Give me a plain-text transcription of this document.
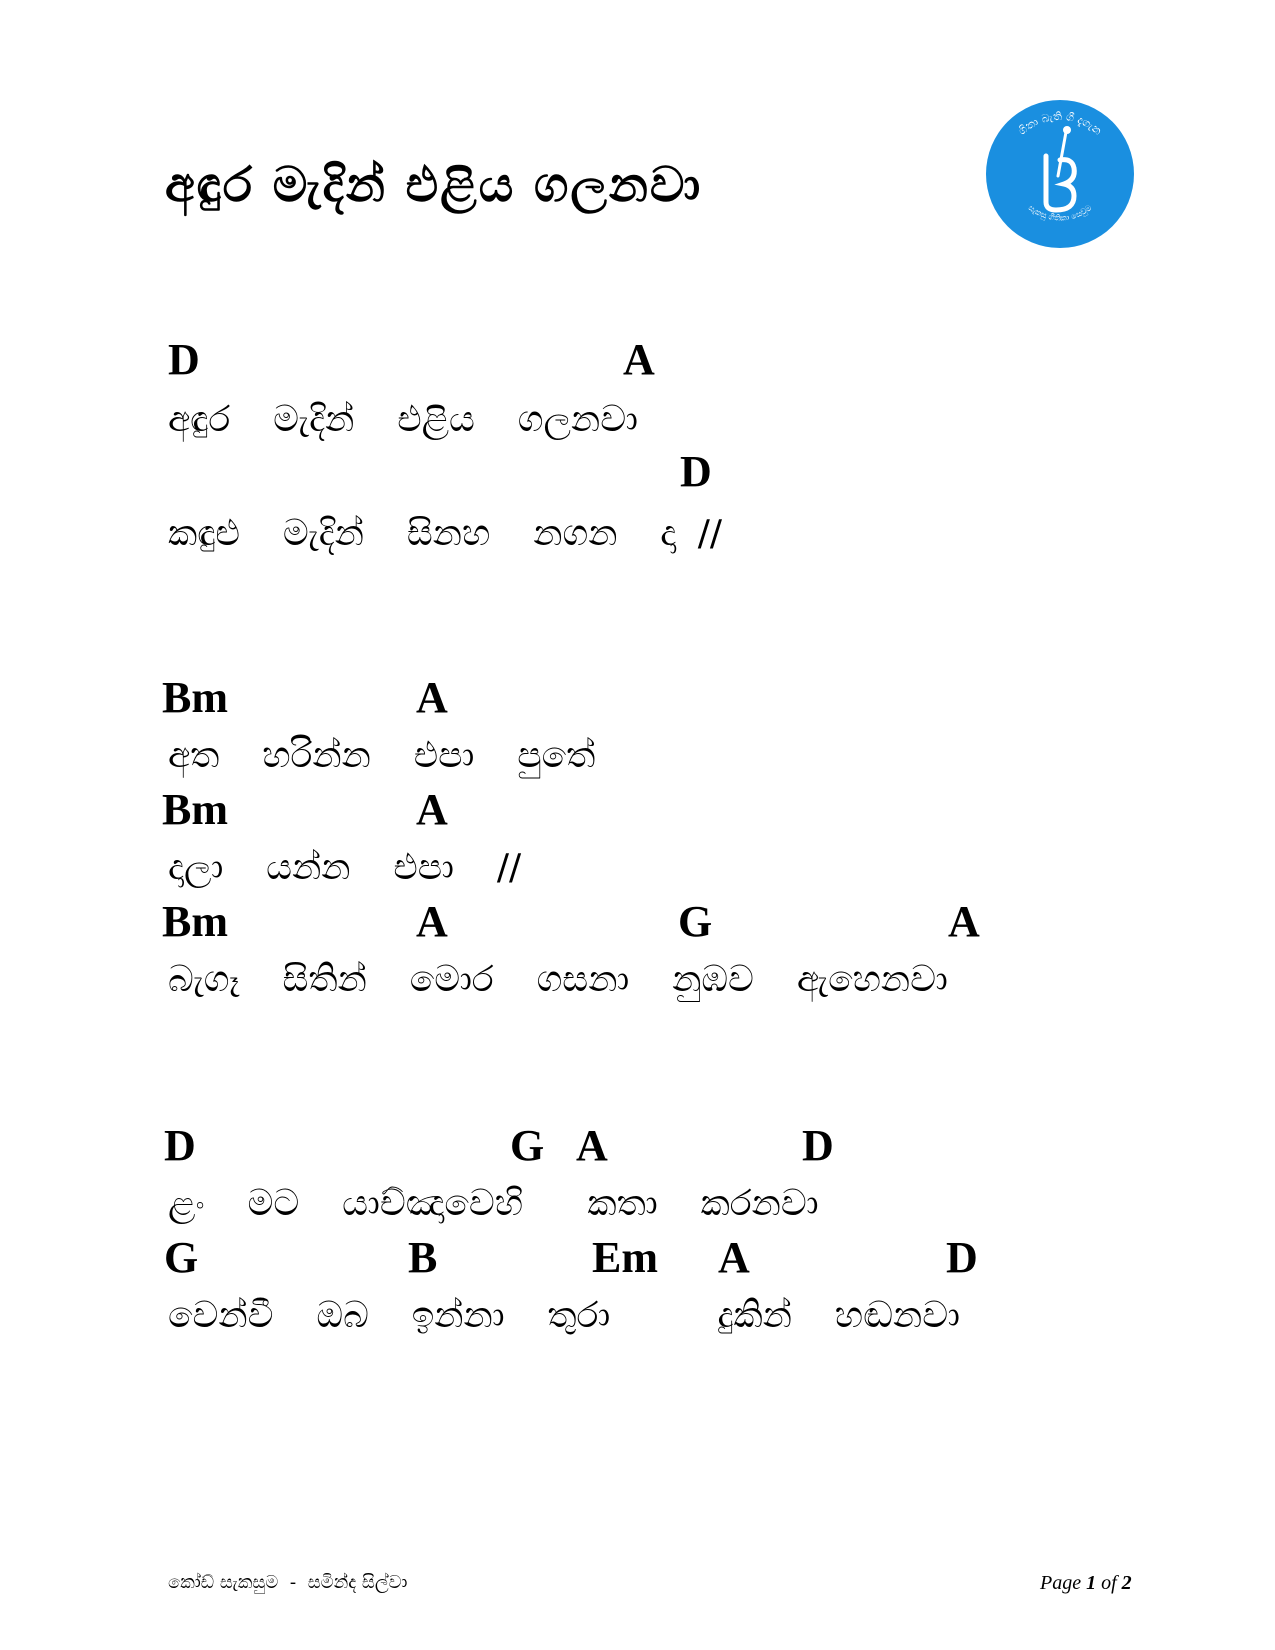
අඳුර මැදින් එළිය ගලනවා
ගිතා බැති ගී දැගැන
සැකසු ගීතිකා සෙවුම
D	A
අඳුර  මැදින්  එළිය  ගලනවා
D
කඳුළු  මැදින්  සිනහ  නගන  දා //
Bm	A
අත  හරින්න  එපා  පුතේ
Bm	A
දාලා  යන්න  එපා  //
Bm	A	G	A
බැගෑ  සිතින්  මොර  ගසනා  නුඹව  ඇහෙනවා
D	G A	D
ළං  මට  යාච්ඤාවෙහි   කතා  කරනවා
G	B	Em A	D
වෙන්වී  ඔබ  ඉන්නා  තුරා     දුකින්  හඬනවා
කෝඩ් සැකසුම  -  සමින්ද සිල්වා	Page 1 of 2
